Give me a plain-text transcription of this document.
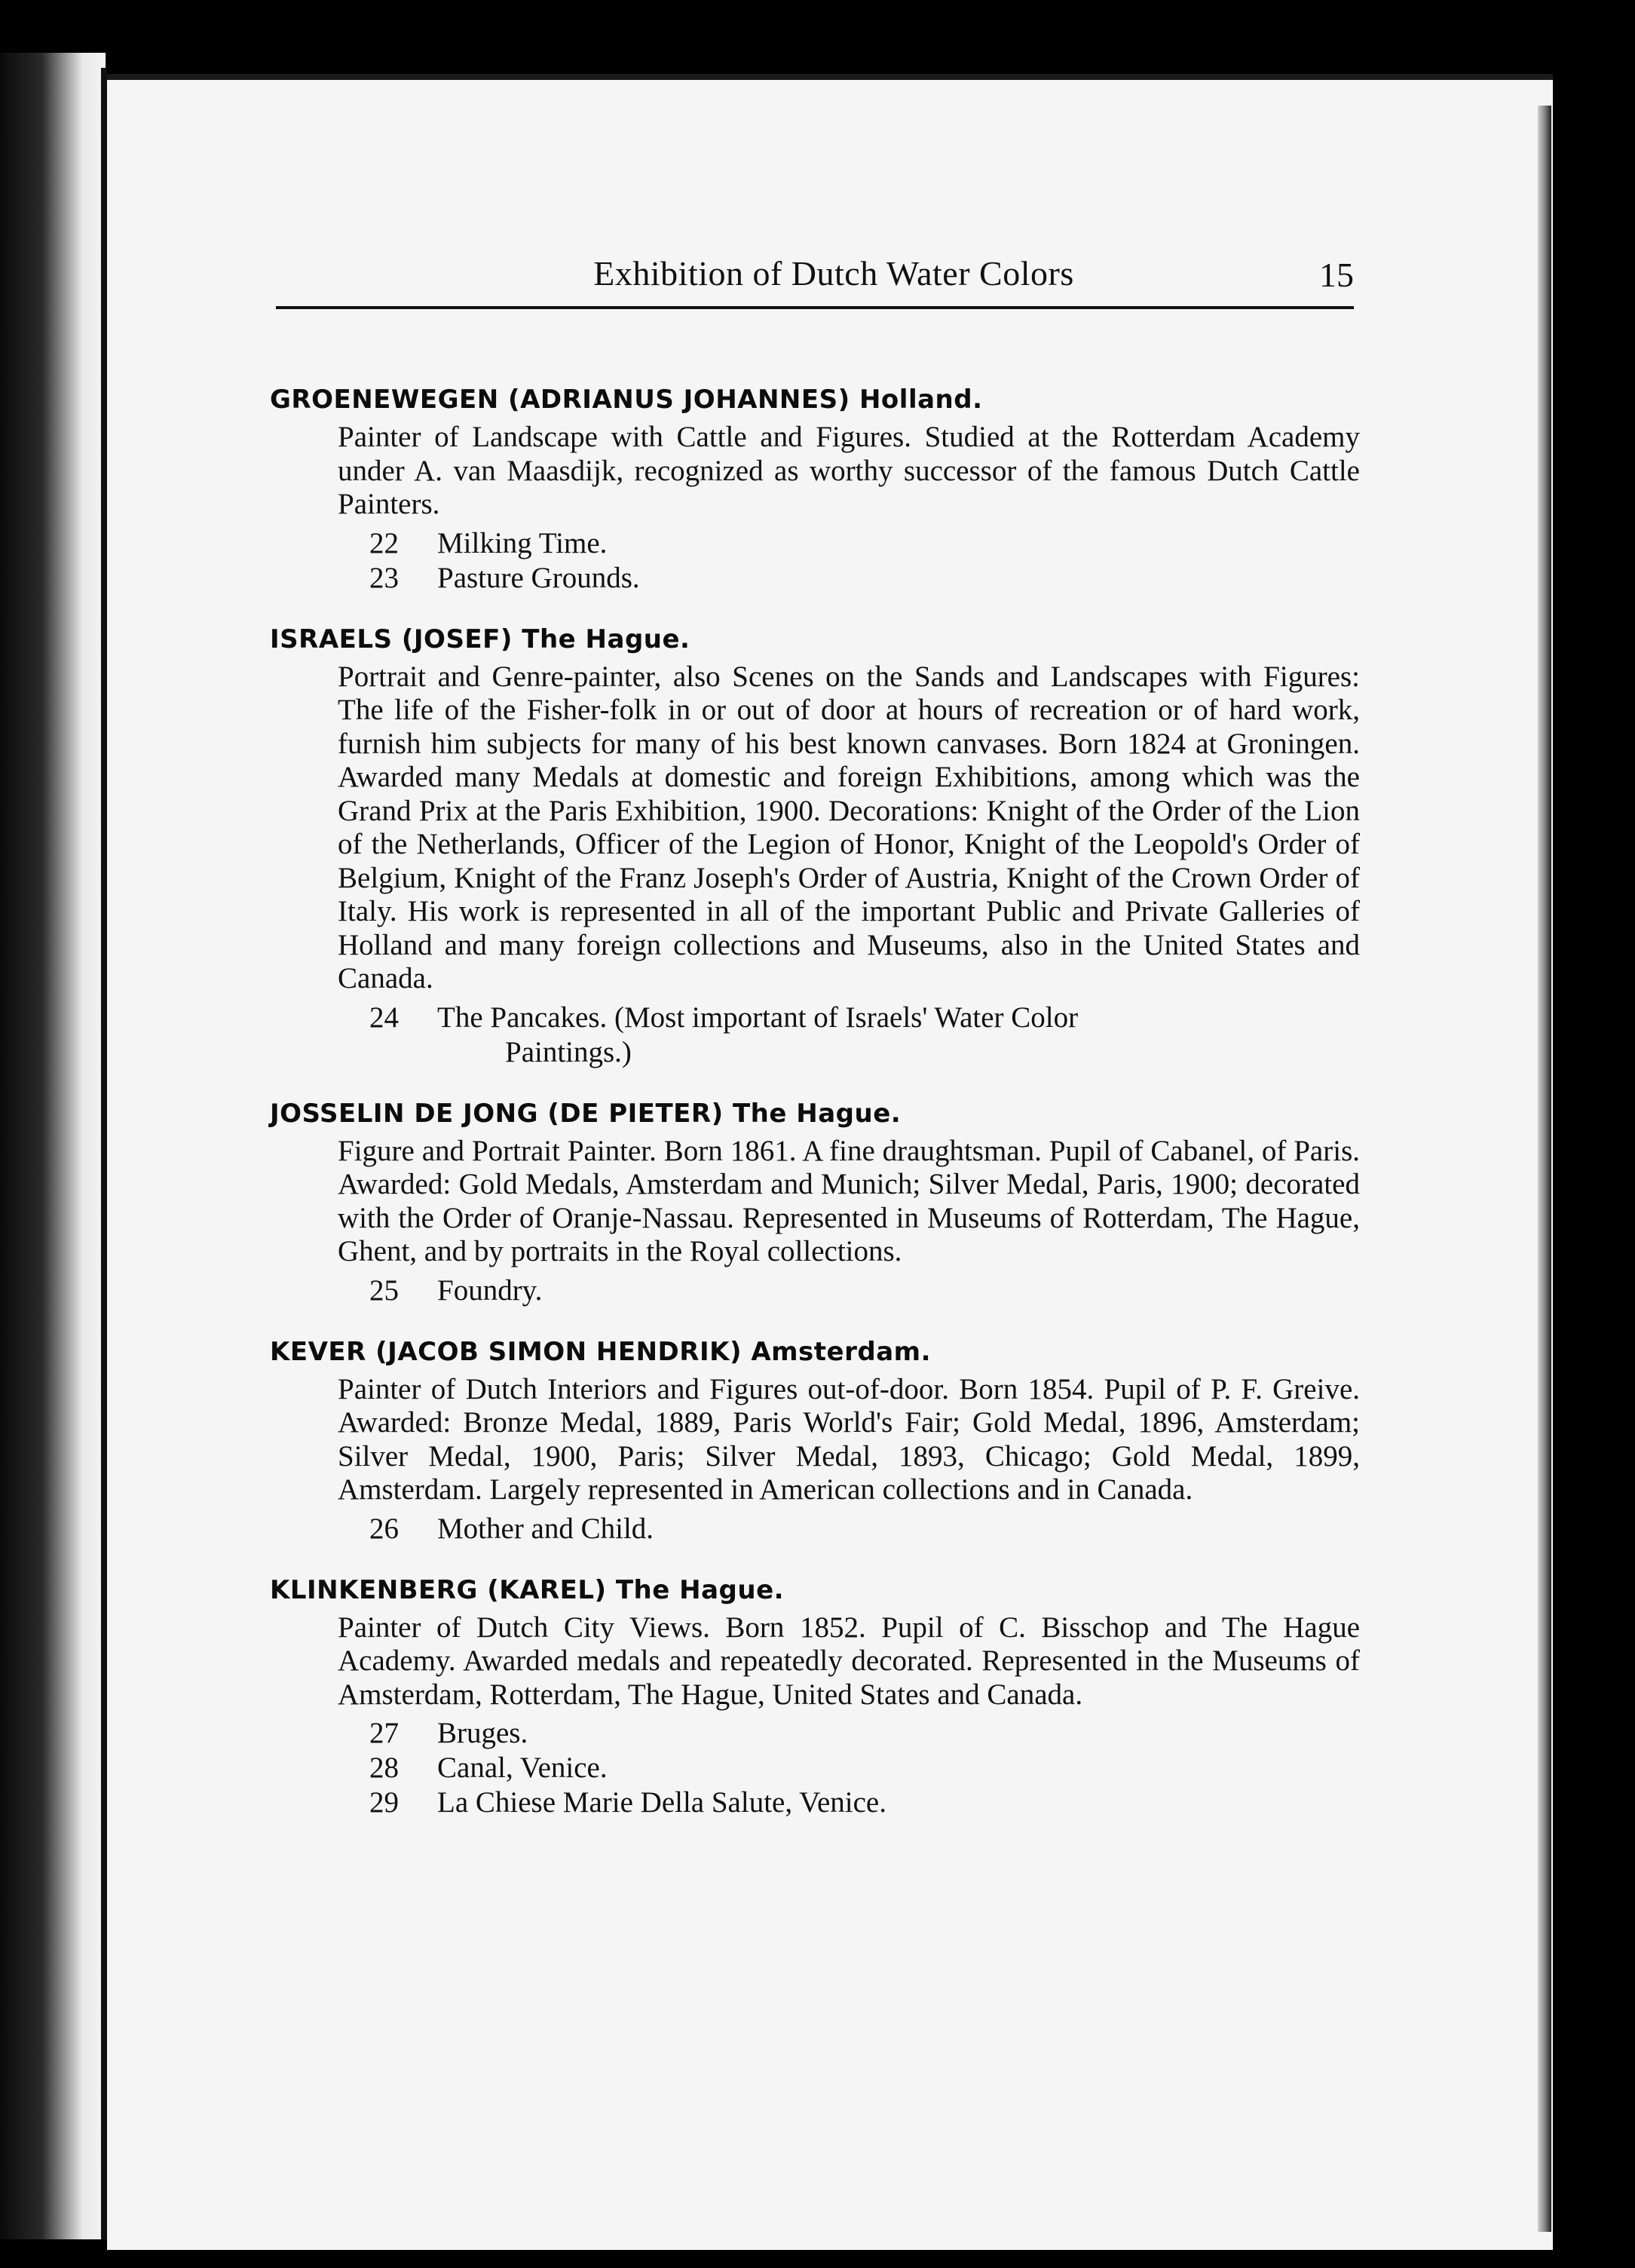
Exhibition of Dutch Water Colors	15
GROENEWEGEN (ADRIANUS JOHANNES) Holland.
Painter of Landscape with Cattle and Figures. Studied at the Rotterdam Academy under A. van Maasdijk, recognized as worthy successor of the famous Dutch Cattle Painters.
22	Milking Time.
23	Pasture Grounds.
ISRAELS (JOSEF) The Hague.
Portrait and Genre-painter, also Scenes on the Sands and Landscapes with Figures: The life of the Fisher-folk in or out of door at hours of recreation or of hard work, furnish him subjects for many of his best known canvases. Born 1824 at Groningen. Awarded many Medals at domestic and foreign Exhibitions, among which was the Grand Prix at the Paris Exhibition, 1900. Decorations: Knight of the Order of the Lion of the Netherlands, Officer of the Legion of Honor, Knight of the Leopold's Order of Belgium, Knight of the Franz Joseph's Order of Austria, Knight of the Crown Order of Italy. His work is represented in all of the important Public and Private Galleries of Holland and many foreign collections and Museums, also in the United States and Canada.
24	The Pancakes. (Most important of Israels' Water Color
Paintings.)
JOSSELIN DE JONG (DE PIETER) The Hague.
Figure and Portrait Painter. Born 1861. A fine draughtsman. Pupil of Cabanel, of Paris. Awarded: Gold Medals, Amsterdam and Munich; Silver Medal, Paris, 1900; decorated with the Order of Oranje-Nassau. Represented in Museums of Rotterdam, The Hague, Ghent, and by portraits in the Royal collections.
25	Foundry.
KEVER (JACOB SIMON HENDRIK) Amsterdam.
Painter of Dutch Interiors and Figures out-of-door. Born 1854. Pupil of P. F. Greive. Awarded: Bronze Medal, 1889, Paris World's Fair; Gold Medal, 1896, Amsterdam; Silver Medal, 1900, Paris; Silver Medal, 1893, Chicago; Gold Medal, 1899, Amsterdam. Largely represented in American collections and in Canada.
26	Mother and Child.
KLINKENBERG (KAREL) The Hague.
Painter of Dutch City Views. Born 1852. Pupil of C. Bisschop and The Hague Academy. Awarded medals and repeatedly decorated. Represented in the Museums of Amsterdam, Rotterdam, The Hague, United States and Canada.
27	Bruges.
28	Canal, Venice.
29	La Chiese Marie Della Salute, Venice.
